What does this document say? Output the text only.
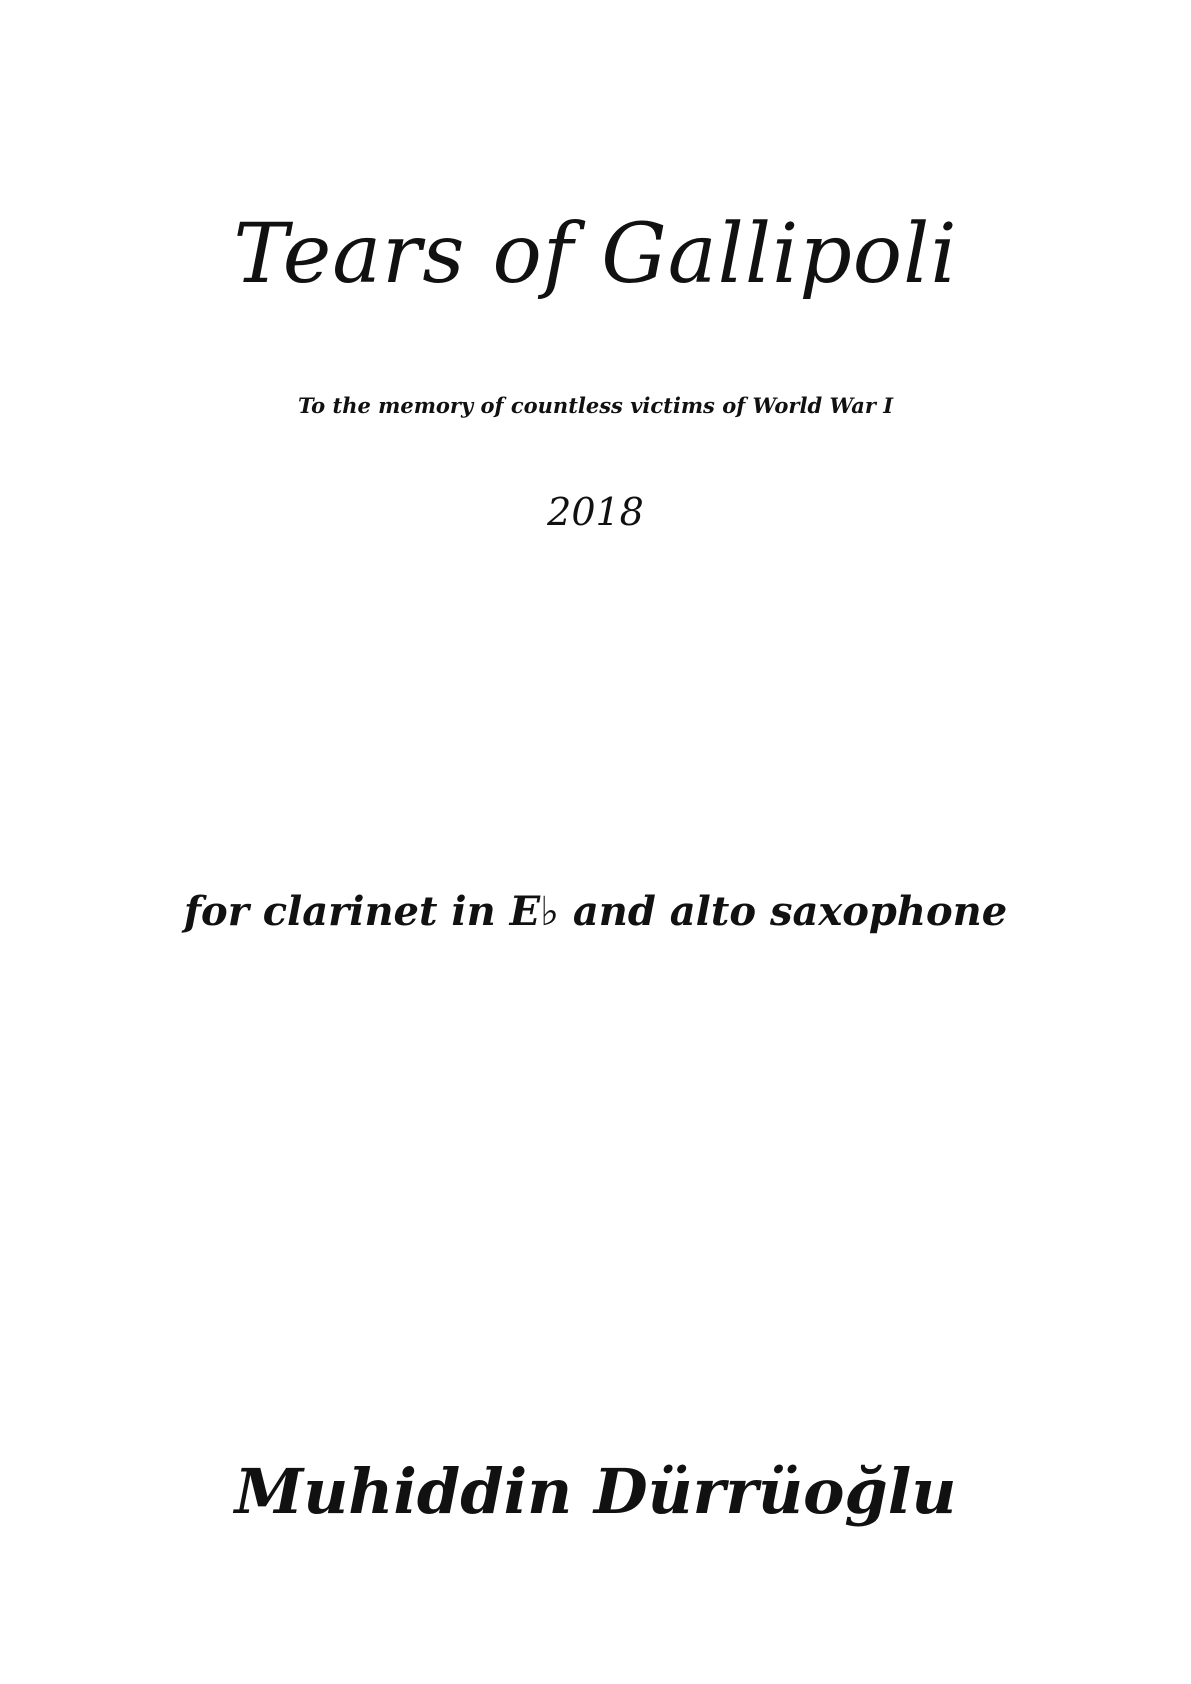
Tears of Gallipoli
To the memory of countless victims of World War I
2018
for clarinet in E♭ and alto saxophone
Muhiddin Dürrüoğlu
